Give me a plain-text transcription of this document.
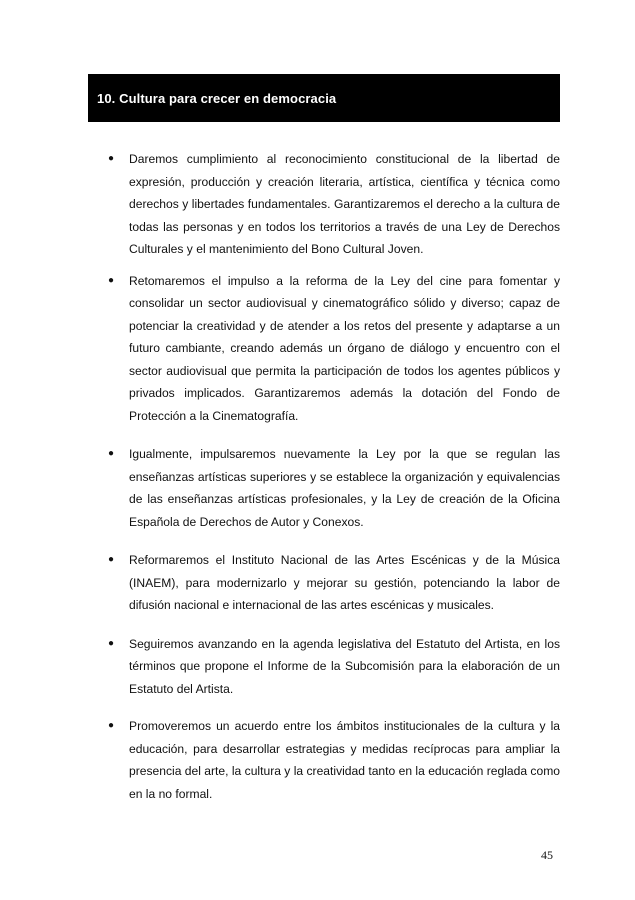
10. Cultura para crecer en democracia
● Daremos cumplimiento al reconocimiento constitucional de la libertad de expresión, producción y creación literaria, artística, científica y técnica como derechos y libertades fundamentales. Garantizaremos el derecho a la cultura de todas las personas y en todos los territorios a través de una Ley de Derechos Culturales y el mantenimiento del Bono Cultural Joven.
● Retomaremos el impulso a la reforma de la Ley del cine para fomentar y consolidar un sector audiovisual y cinematográfico sólido y diverso; capaz de potenciar la creatividad y de atender a los retos del presente y adaptarse a un futuro cambiante, creando además un órgano de diálogo y encuentro con el sector audiovisual que permita la participación de todos los agentes públicos y privados implicados. Garantizaremos además la dotación del Fondo de Protección a la Cinematografía.
● Igualmente, impulsaremos nuevamente la Ley por la que se regulan las enseñanzas artísticas superiores y se establece la organización y equivalencias de las enseñanzas artísticas profesionales, y la Ley de creación de la Oficina Española de Derechos de Autor y Conexos.
● Reformaremos el Instituto Nacional de las Artes Escénicas y de la Música (INAEM), para modernizarlo y mejorar su gestión, potenciando la labor de difusión nacional e internacional de las artes escénicas y musicales.
● Seguiremos avanzando en la agenda legislativa del Estatuto del Artista, en los términos que propone el Informe de la Subcomisión para la elaboración de un Estatuto del Artista.
● Promoveremos un acuerdo entre los ámbitos institucionales de la cultura y la educación, para desarrollar estrategias y medidas recíprocas para ampliar la presencia del arte, la cultura y la creatividad tanto en la educación reglada como en la no formal.
45
